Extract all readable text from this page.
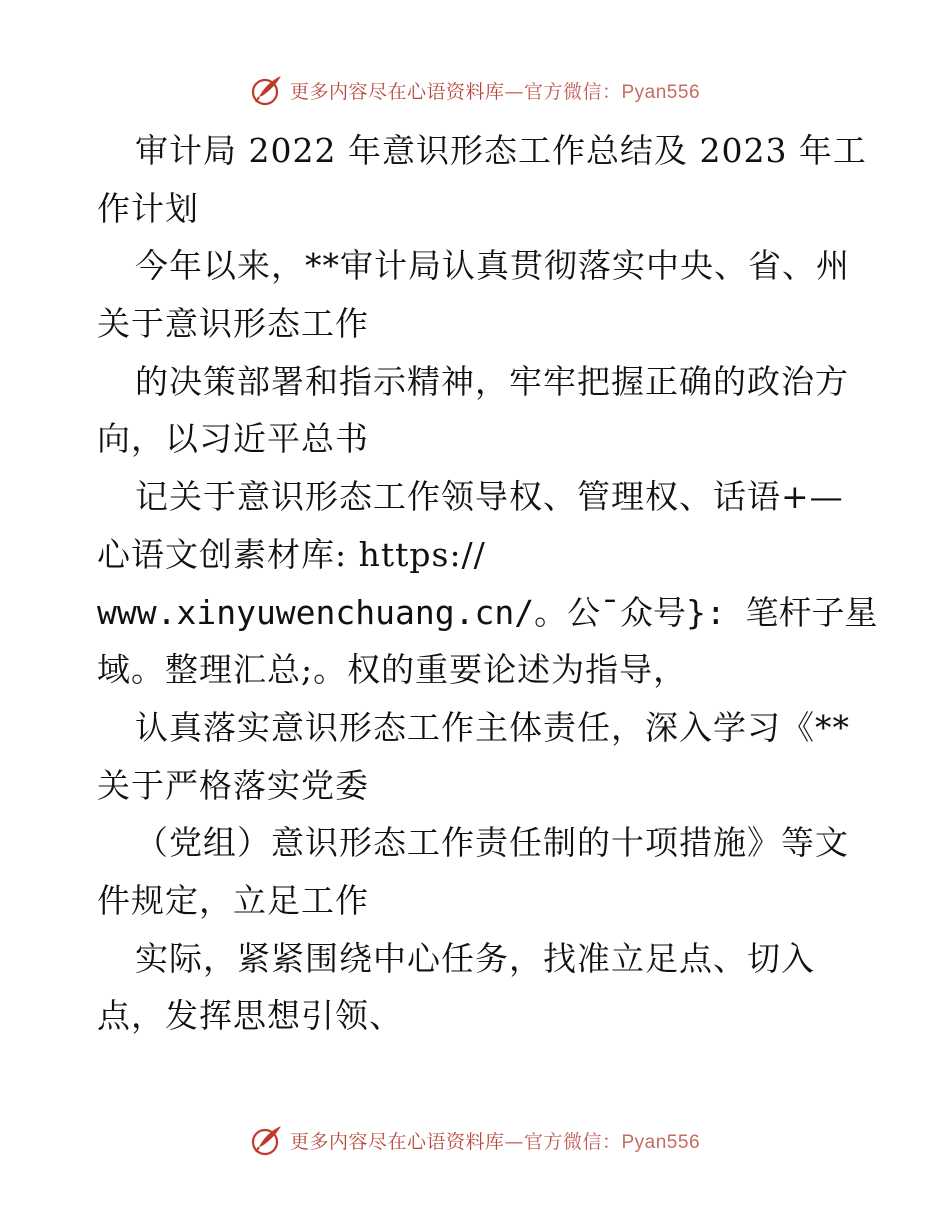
更多内容尽在心语资料库—官方微信：Pyan556
审计局 2022 年意识形态工作总结及 2023 年工
作计划
今年以来，**审计局认真贯彻落实中央、省、州
关于意识形态工作
的决策部署和指示精神，牢牢把握正确的政治方
向，以习近平总书
记关于意识形态工作领导权、管理权、话语+—
心语文创素材库: https://
www.xinyuwenchuang.cn/。公¯众号}: 笔杆子星
域。整理汇总;。权的重要论述为指导，
认真落实意识形态工作主体责任，深入学习《**
关于严格落实党委
（党组）意识形态工作责任制的十项措施》等文
件规定，立足工作
实际，紧紧围绕中心任务，找准立足点、切入
点，发挥思想引领、
更多内容尽在心语资料库—官方微信：Pyan556
